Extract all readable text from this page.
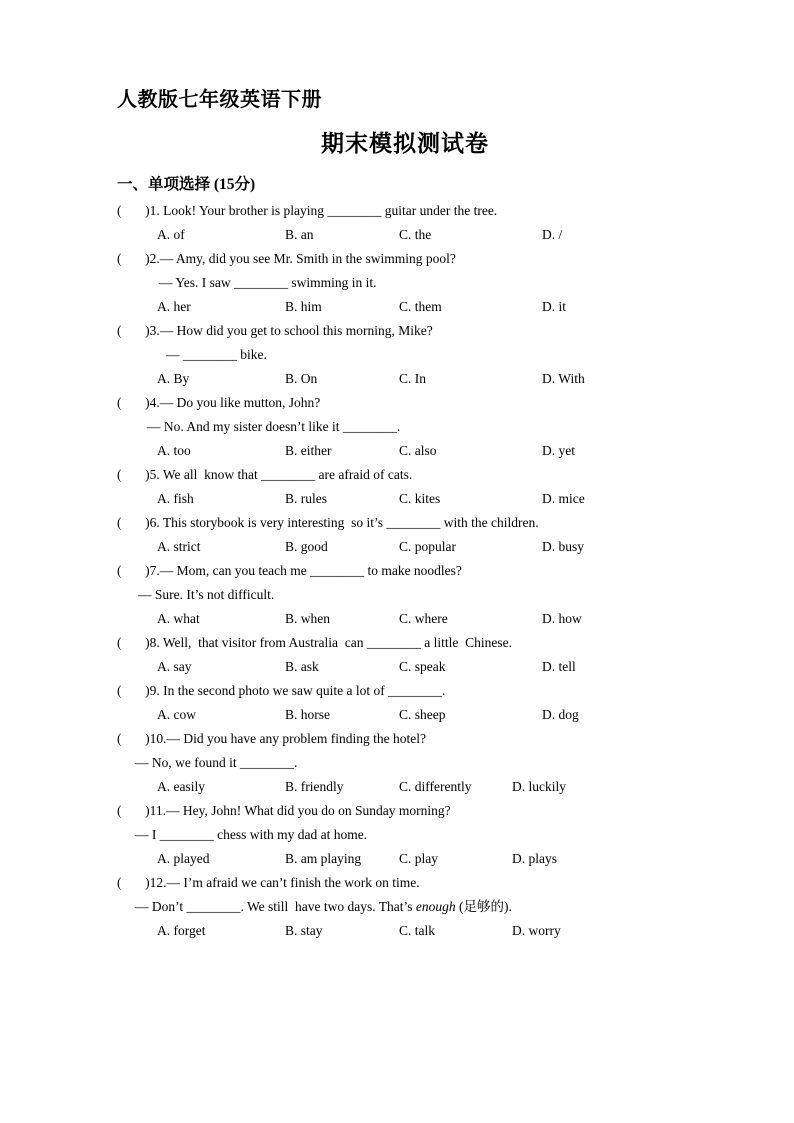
人教版七年级英语下册
期末模拟测试卷
一、单项选择 (15分)
(       )1. Look! Your brother is playing ________ guitar under the tree.
A. of	B. an	C. the	D. /
(       )2.— Amy, did you see Mr. Smith in the swimming pool?
— Yes. I saw ________ swimming in it.
A. her	B. him	C. them	D. it
(       )3.— How did you get to school this morning, Mike?
— ________ bike.
A. By	B. On	C. In	D. With
(       )4.— Do you like mutton, John?
— No. And my sister doesn’t like it ________.
A. too	B. either	C. also	D. yet
(       )5. We all  know that ________ are afraid of cats.
A. fish	B. rules	C. kites	D. mice
(       )6. This storybook is very interesting  so it’s ________ with the children.
A. strict	B. good	C. popular	D. busy
(       )7.— Mom, can you teach me ________ to make noodles?
— Sure. It’s not difficult.
A. what	B. when	C. where	D. how
(       )8. Well,  that visitor from Australia  can ________ a little  Chinese.
A. say	B. ask	C. speak	D. tell
(       )9. In the second photo we saw quite a lot of ________.
A. cow	B. horse	C. sheep	D. dog
(       )10.— Did you have any problem finding the hotel?
— No, we found it ________.
A. easily	B. friendly	C. differently	D. luckily
(       )11.— Hey, John! What did you do on Sunday morning?
— I ________ chess with my dad at home.
A. played	B. am playing	C. play	D. plays
(       )12.— I’m afraid we can’t finish the work on time.
— Don’t ________. We still  have two days. That’s enough (足够的).
A. forget	B. stay	C. talk	D. worry
